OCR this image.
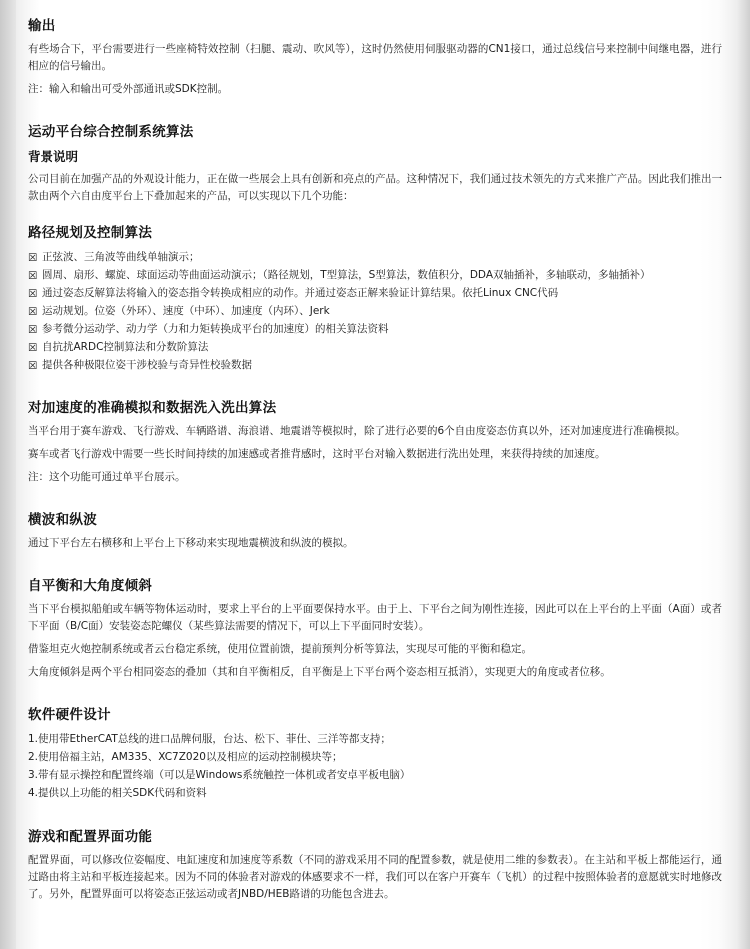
输出

有些场合下，平台需要进行一些座椅特效控制（扫腿、震动、吹风等），这时仍然使用伺服驱动器的CN1接口，通过总线信号来控制中间继电器，进行相应的信号输出。

注：输入和输出可受外部通讯或SDK控制。

运动平台综合控制系统算法
背景说明

公司目前在加强产品的外观设计能力，正在做一些展会上具有创新和亮点的产品。这种情况下，我们通过技术领先的方式来推广产品。因此我们推出一款由两个六自由度平台上下叠加起来的产品，可以实现以下几个功能：

路径规划及控制算法
☒ 正弦波、三角波等曲线单轴演示；
☒ 圆周、扇形、螺旋、球面运动等曲面运动演示；（路径规划，T型算法，S型算法，数值积分，DDA双轴插补，多轴联动，多轴插补）
☒ 通过姿态反解算法将输入的姿态指令转换成相应的动作。并通过姿态正解来验证计算结果。依托Linux CNC代码
☒ 运动规划。位姿（外环）、速度（中环）、加速度（内环）、Jerk
☒ 参考微分运动学、动力学（力和力矩转换成平台的加速度）的相关算法资料
☒ 自抗扰ARDC控制算法和分数阶算法
☒ 提供各种极限位姿干涉校验与奇异性校验数据
对加速度的准确模拟和数据洗入洗出算法

当平台用于赛车游戏、飞行游戏、车辆路谱、海浪谱、地震谱等模拟时，除了进行必要的6个自由度姿态仿真以外，还对加速度进行准确模拟。

赛车或者飞行游戏中需要一些长时间持续的加速感或者推背感时，这时平台对输入数据进行洗出处理，来获得持续的加速度。

注：这个功能可通过单平台展示。

横波和纵波

通过下平台左右横移和上平台上下移动来实现地震横波和纵波的模拟。

自平衡和大角度倾斜

当下平台模拟船舶或车辆等物体运动时，要求上平台的上平面要保持水平。由于上、下平台之间为刚性连接，因此可以在上平台的上平面（A面）或者下平面（B/C面）安装姿态陀螺仪（某些算法需要的情况下，可以上下平面同时安装）。

借鉴坦克火炮控制系统或者云台稳定系统，使用位置前馈，提前预判分析等算法，实现尽可能的平衡和稳定。

大角度倾斜是两个平台相同姿态的叠加（其和自平衡相反，自平衡是上下平台两个姿态相互抵消），实现更大的角度或者位移。

软件硬件设计
1.使用带EtherCAT总线的进口品牌伺服，台达、松下、菲仕、三洋等都支持；
2.使用倍福主站，AM335、XC7Z020以及相应的运动控制模块等；
3.带有显示操控和配置终端（可以是Windows系统触控一体机或者安卓平板电脑）
4.提供以上功能的相关SDK代码和资料
游戏和配置界面功能

配置界面，可以修改位姿幅度、电缸速度和加速度等系数（不同的游戏采用不同的配置参数，就是使用二维的参数表）。在主站和平板上都能运行，通过路由将主站和平板连接起来。因为不同的体验者对游戏的体感要求不一样，我们可以在客户开赛车（飞机）的过程中按照体验者的意愿就实时地修改了。另外，配置界面可以将姿态正弦运动或者JNBD/HEB路谱的功能包含进去。
